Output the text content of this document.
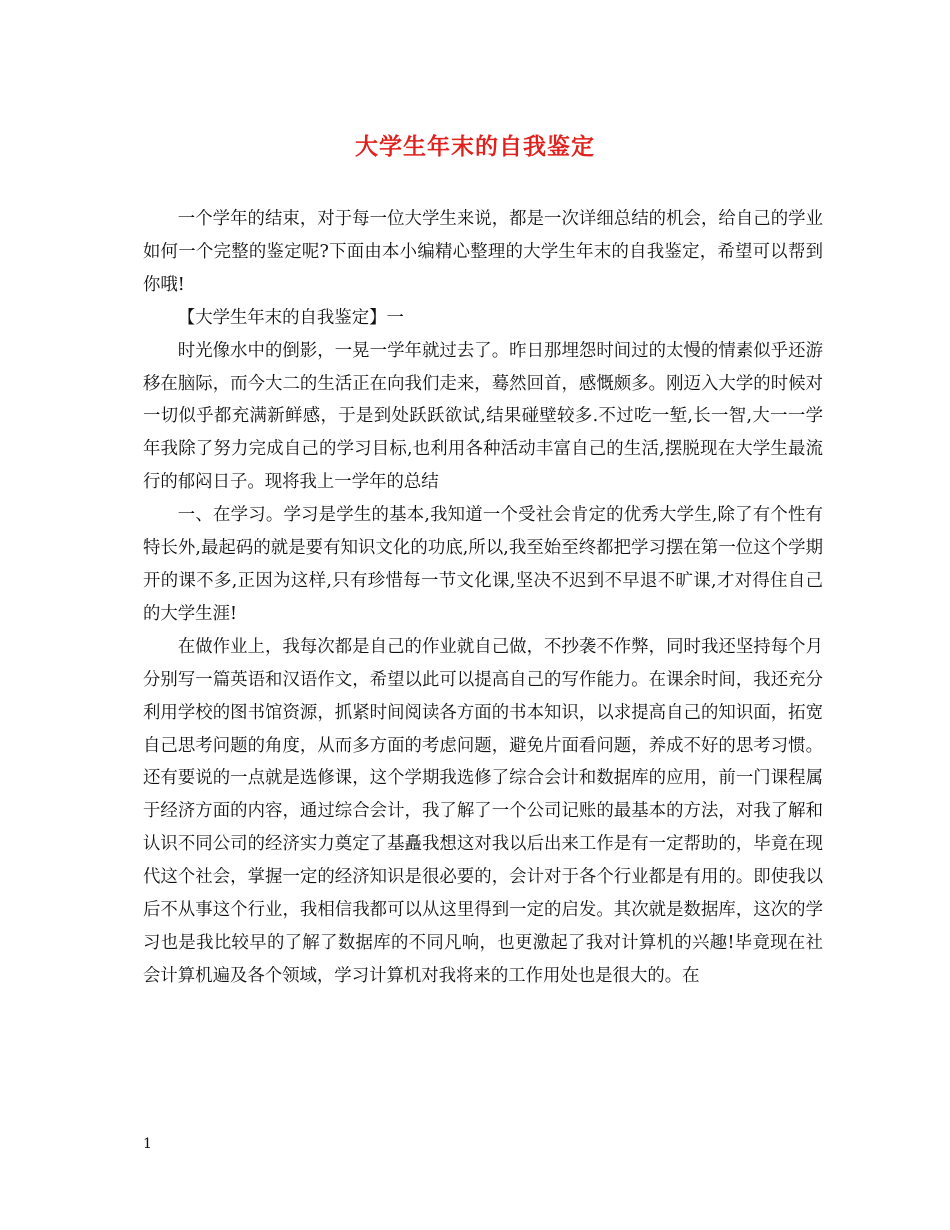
大学生年末的自我鉴定

一个学年的结束，对于每一位大学生来说，都是一次详细总结的机会，给自己的学业如何一个完整的鉴定呢?下面由本小编精心整理的大学生年末的自我鉴定，希望可以帮到你哦!

【大学生年末的自我鉴定】一

时光像水中的倒影，一晃一学年就过去了。昨日那埋怨时间过的太慢的情素似乎还游移在脑际，而今大二的生活正在向我们走来，蓦然回首，感慨颇多。刚迈入大学的时候对一切似乎都充满新鲜感，于是到处跃跃欲试,结果碰壁较多.不过吃一堑,长一智,大一一学年我除了努力完成自己的学习目标,也利用各种活动丰富自己的生活,摆脱现在大学生最流行的郁闷日子。现将我上一学年的总结

一、在学习。学习是学生的基本,我知道一个受社会肯定的优秀大学生,除了有个性有特长外,最起码的就是要有知识文化的功底,所以,我至始至终都把学习摆在第一位这个学期开的课不多,正因为这样,只有珍惜每一节文化课,坚决不迟到不早退不旷课,才对得住自己的大学生涯!

在做作业上，我每次都是自己的作业就自己做，不抄袭不作弊，同时我还坚持每个月分别写一篇英语和汉语作文，希望以此可以提高自己的写作能力。在课余时间，我还充分利用学校的图书馆资源，抓紧时间阅读各方面的书本知识，以求提高自己的知识面，拓宽自己思考问题的角度，从而多方面的考虑问题，避免片面看问题，养成不好的思考习惯。还有要说的一点就是选修课，这个学期我选修了综合会计和数据库的应用，前一门课程属于经济方面的内容，通过综合会计，我了解了一个公司记账的最基本的方法，对我了解和认识不同公司的经济实力奠定了基矗我想这对我以后出来工作是有一定帮助的，毕竟在现代这个社会，掌握一定的经济知识是很必要的，会计对于各个行业都是有用的。即使我以后不从事这个行业，我相信我都可以从这里得到一定的启发。其次就是数据库，这次的学习也是我比较早的了解了数据库的不同凡响，也更激起了我对计算机的兴趣!毕竟现在社会计算机遍及各个领域，学习计算机对我将来的工作用处也是很大的。在

1
